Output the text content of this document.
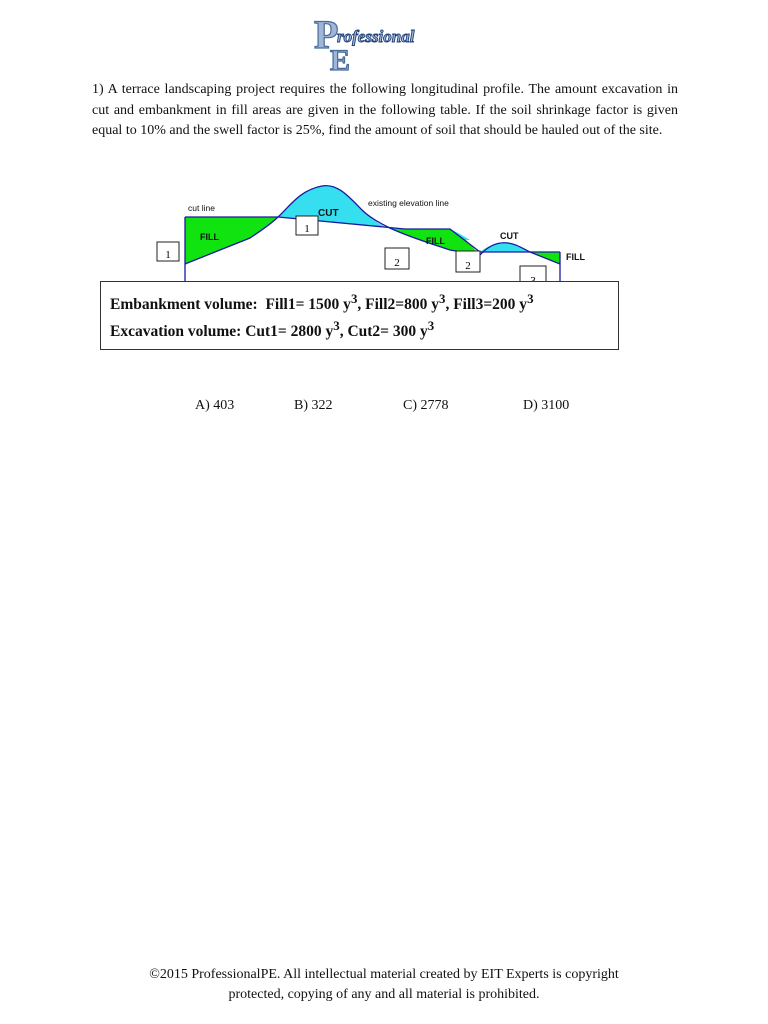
P
E
rofessional
1) A terrace landscaping project requires the following longitudinal profile. The amount excavation in cut and embankment in fill areas are given in the following table. If the soil shrinkage factor is given equal to 10% and the swell factor is 25%, find the amount of soil that should be hauled out of the site.
cut line	existing elevation line
FILL
CUT
FILL	CUT
FILL
1
1
2	2
Embankment volume: Fill1= 1500 $y^3$, Fill2=800 $y^3$, Fill3=200 $y^3$
Excavation volume: Cut1= 2800 $y^3$, Cut2= 300 $y^3$
A) 403	B) 322	C) 2778	D) 3100
©2015 ProfessionalPE. All intellectual material created by EIT Experts is copyright
protected, copying of any and all material is prohibited.
